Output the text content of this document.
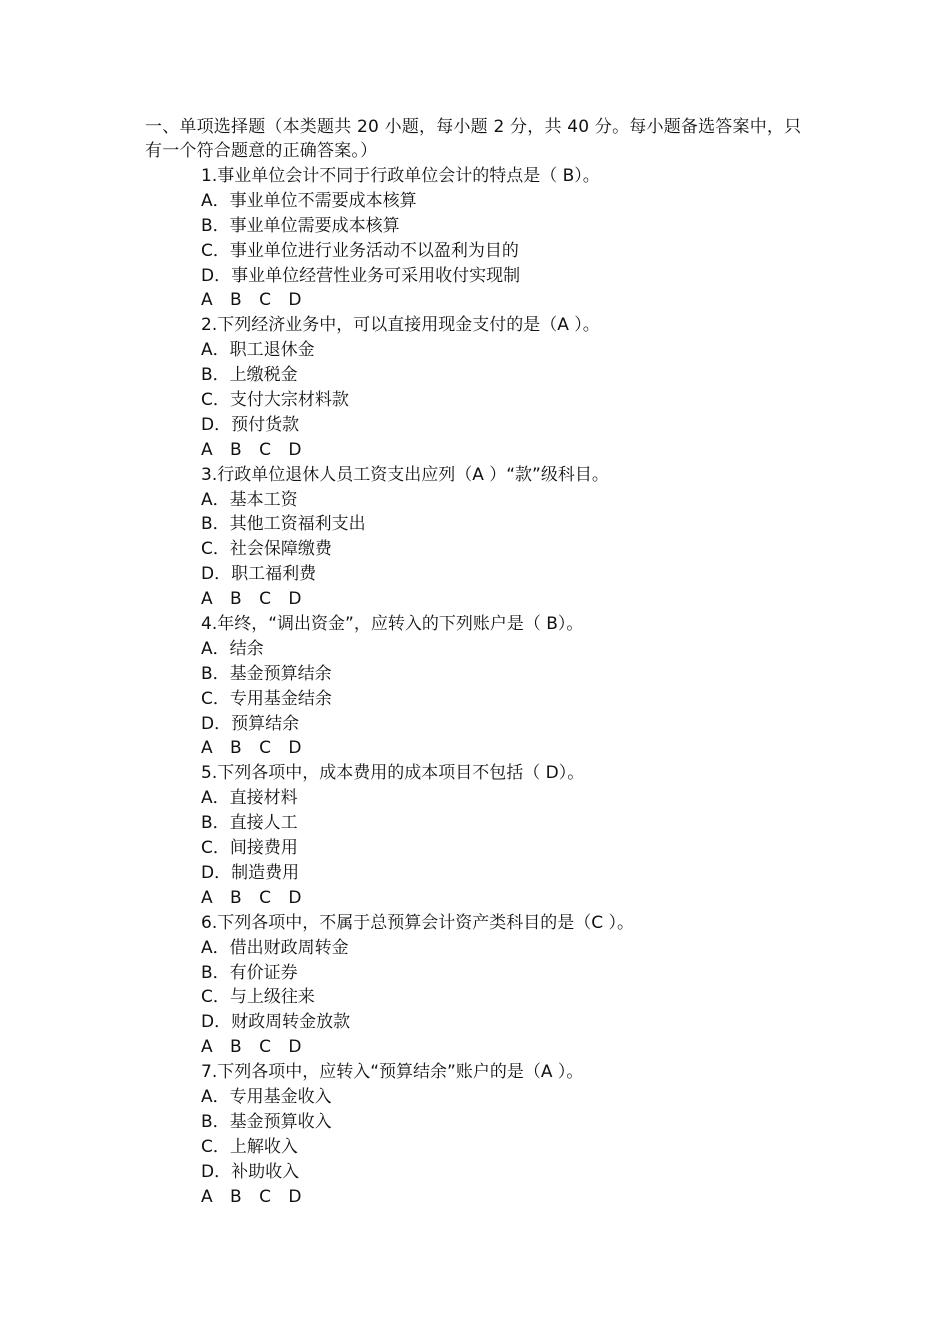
一、单项选择题（本类题共 20 小题，每小题 2 分，共 40 分。每小题备选答案中，只有一个符合题意的正确答案。）
1.事业单位会计不同于行政单位会计的特点是（ B）。
A．事业单位不需要成本核算
B．事业单位需要成本核算
C．事业单位进行业务活动不以盈利为目的
D．事业单位经营性业务可采用收付实现制
A B C D
2.下列经济业务中，可以直接用现金支付的是（A ）。
A．职工退休金
B．上缴税金
C．支付大宗材料款
D．预付货款
A B C D
3.行政单位退休人员工资支出应列（A ）“款”级科目。
A．基本工资
B．其他工资福利支出
C．社会保障缴费
D．职工福利费
A B C D
4.年终，“调出资金”，应转入的下列账户是（ B）。
A．结余
B．基金预算结余
C．专用基金结余
D．预算结余
A B C D
5.下列各项中，成本费用的成本项目不包括（ D）。
A．直接材料
B．直接人工
C．间接费用
D．制造费用
A B C D
6.下列各项中，不属于总预算会计资产类科目的是（C ）。
A．借出财政周转金
B．有价证券
C．与上级往来
D．财政周转金放款
A B C D
7.下列各项中，应转入“预算结余”账户的是（A ）。
A．专用基金收入
B．基金预算收入
C．上解收入
D．补助收入
A B C D
